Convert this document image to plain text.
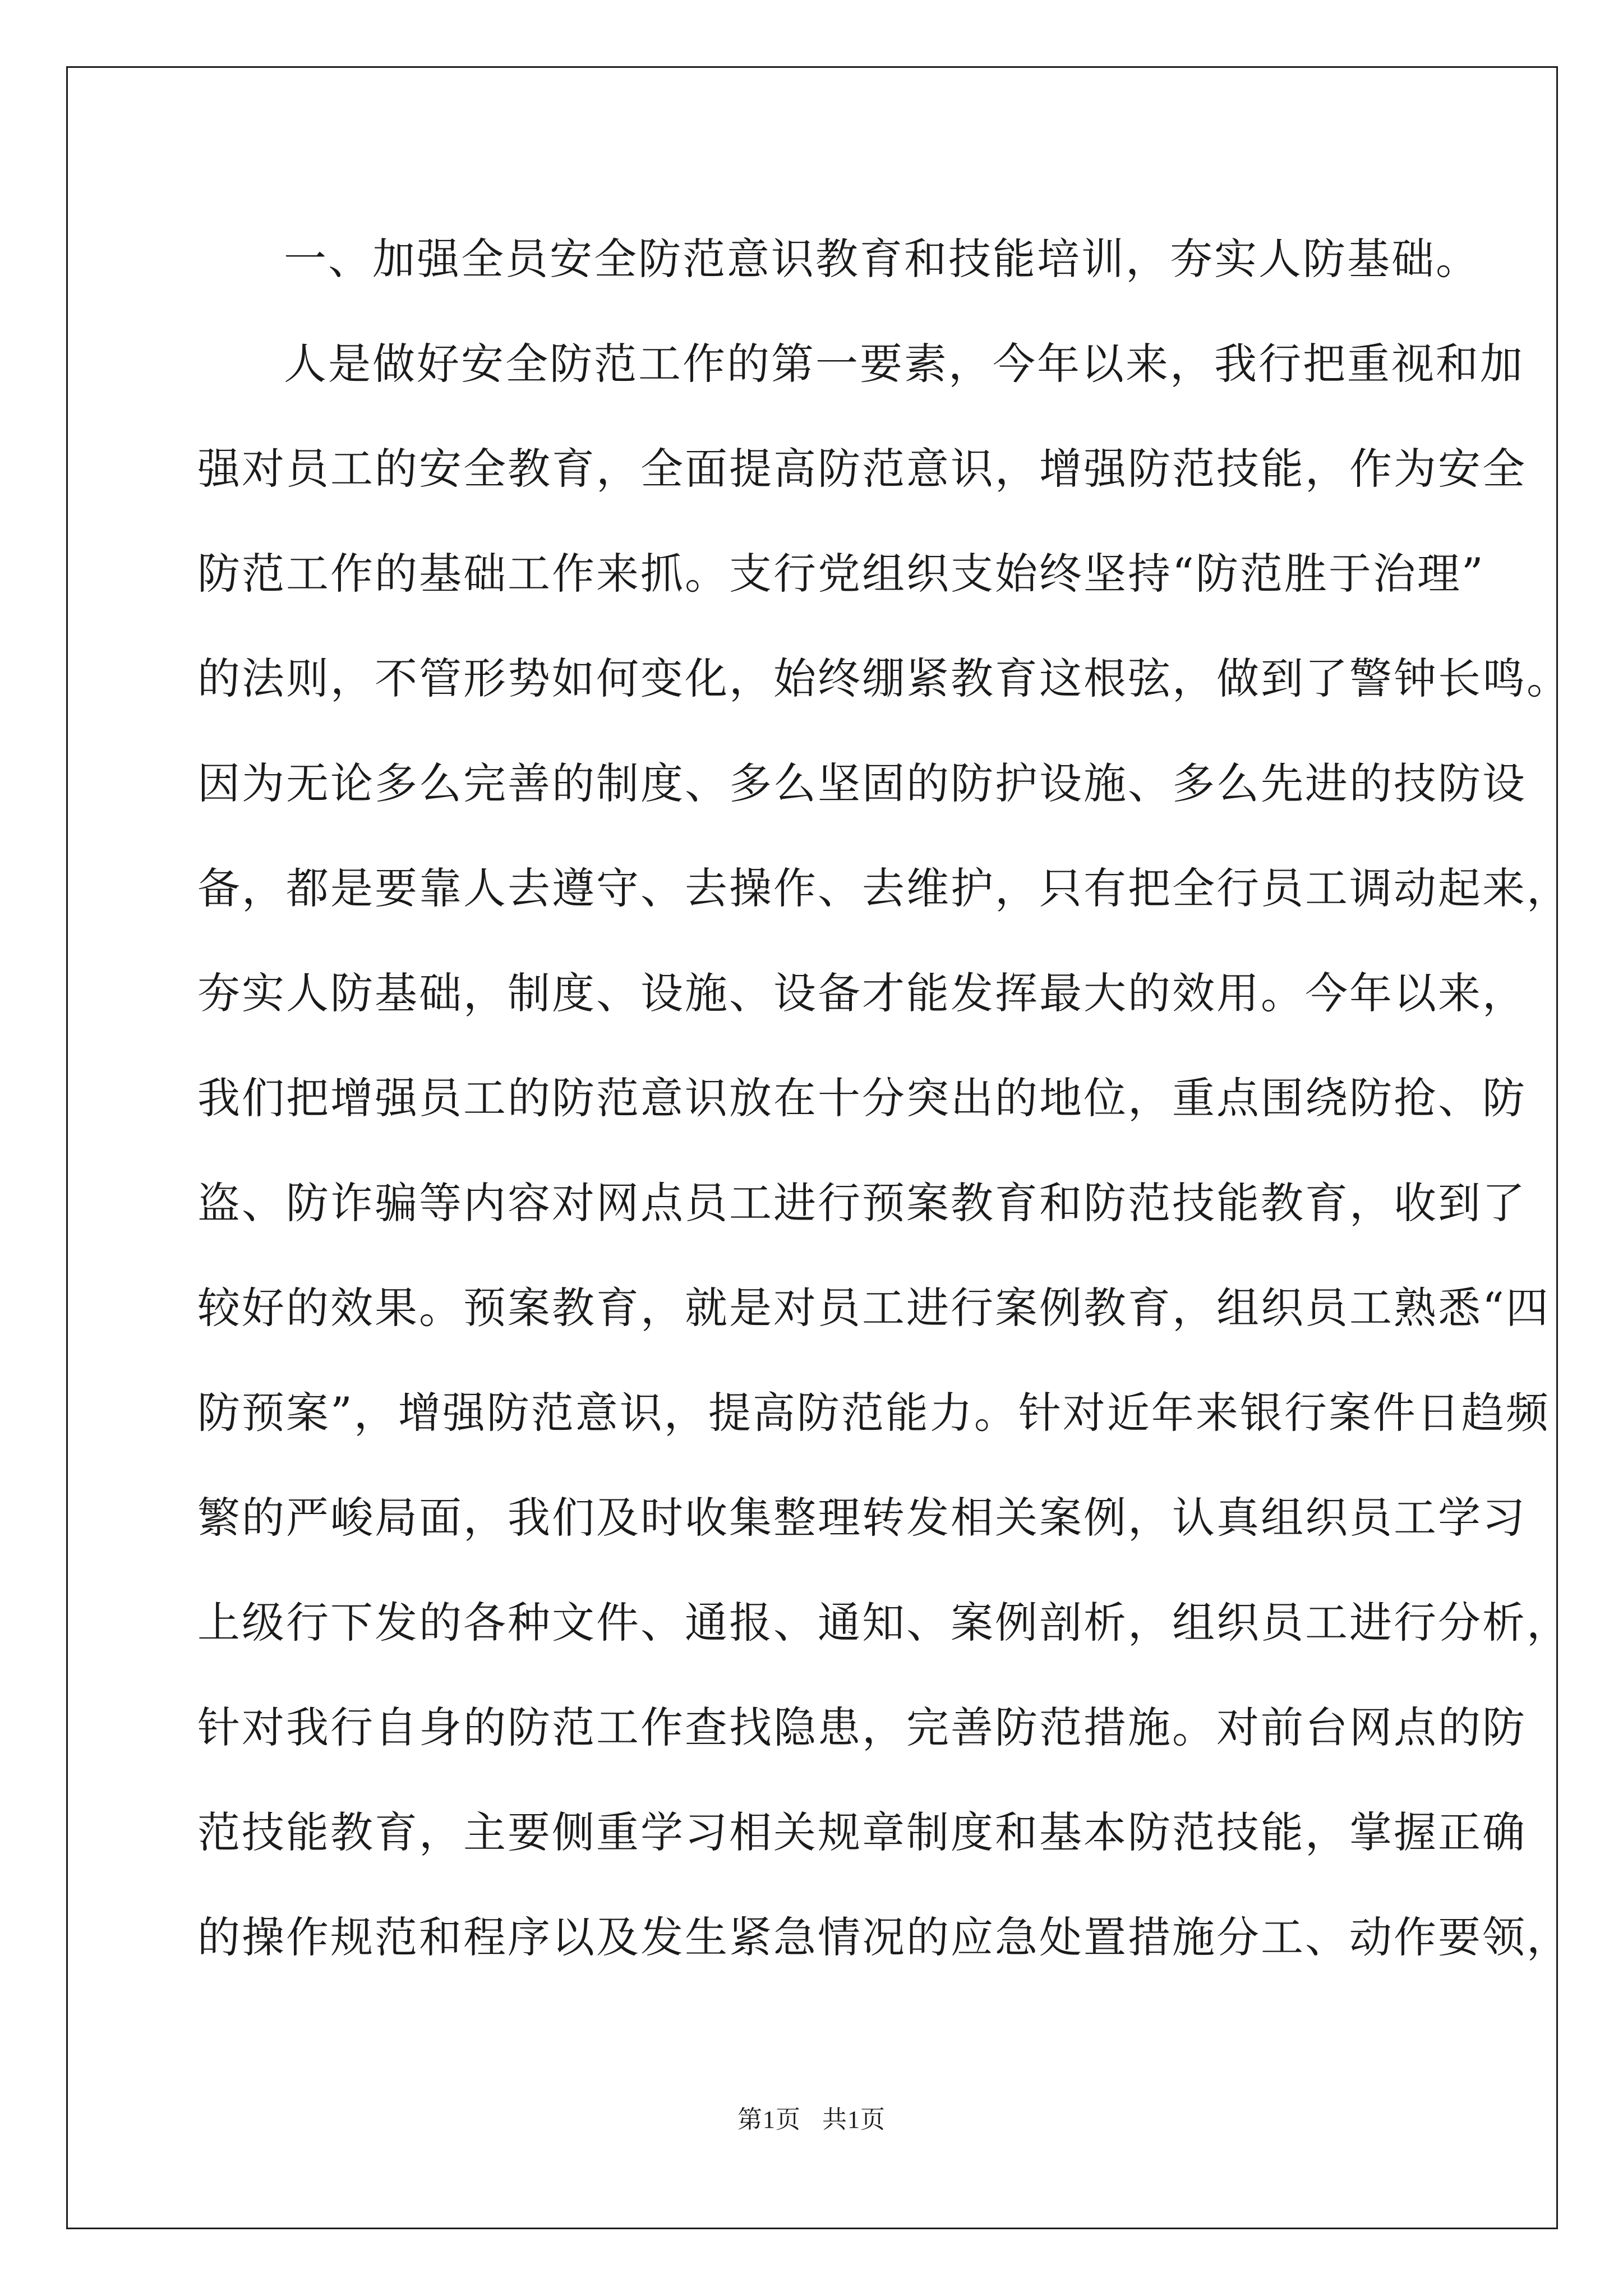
一、加强全员安全防范意识教育和技能培训，夯实人防基础。
人是做好安全防范工作的第一要素，今年以来，我行把重视和加
强对员工的安全教育，全面提高防范意识，增强防范技能，作为安全
防范工作的基础工作来抓。支行党组织支始终坚持“防范胜于治理”
的法则，不管形势如何变化，始终绷紧教育这根弦，做到了警钟长鸣。
因为无论多么完善的制度、多么坚固的防护设施、多么先进的技防设
备，都是要靠人去遵守、去操作、去维护，只有把全行员工调动起来，
夯实人防基础，制度、设施、设备才能发挥最大的效用。今年以来，
我们把增强员工的防范意识放在十分突出的地位，重点围绕防抢、防
盗、防诈骗等内容对网点员工进行预案教育和防范技能教育，收到了
较好的效果。预案教育，就是对员工进行案例教育，组织员工熟悉“四
防预案”，增强防范意识，提高防范能力。针对近年来银行案件日趋频
繁的严峻局面，我们及时收集整理转发相关案例，认真组织员工学习
上级行下发的各种文件、通报、通知、案例剖析，组织员工进行分析，
针对我行自身的防范工作查找隐患，完善防范措施。对前台网点的防
范技能教育，主要侧重学习相关规章制度和基本防范技能，掌握正确
的操作规范和程序以及发生紧急情况的应急处置措施分工、动作要领，
第1页 共1页
